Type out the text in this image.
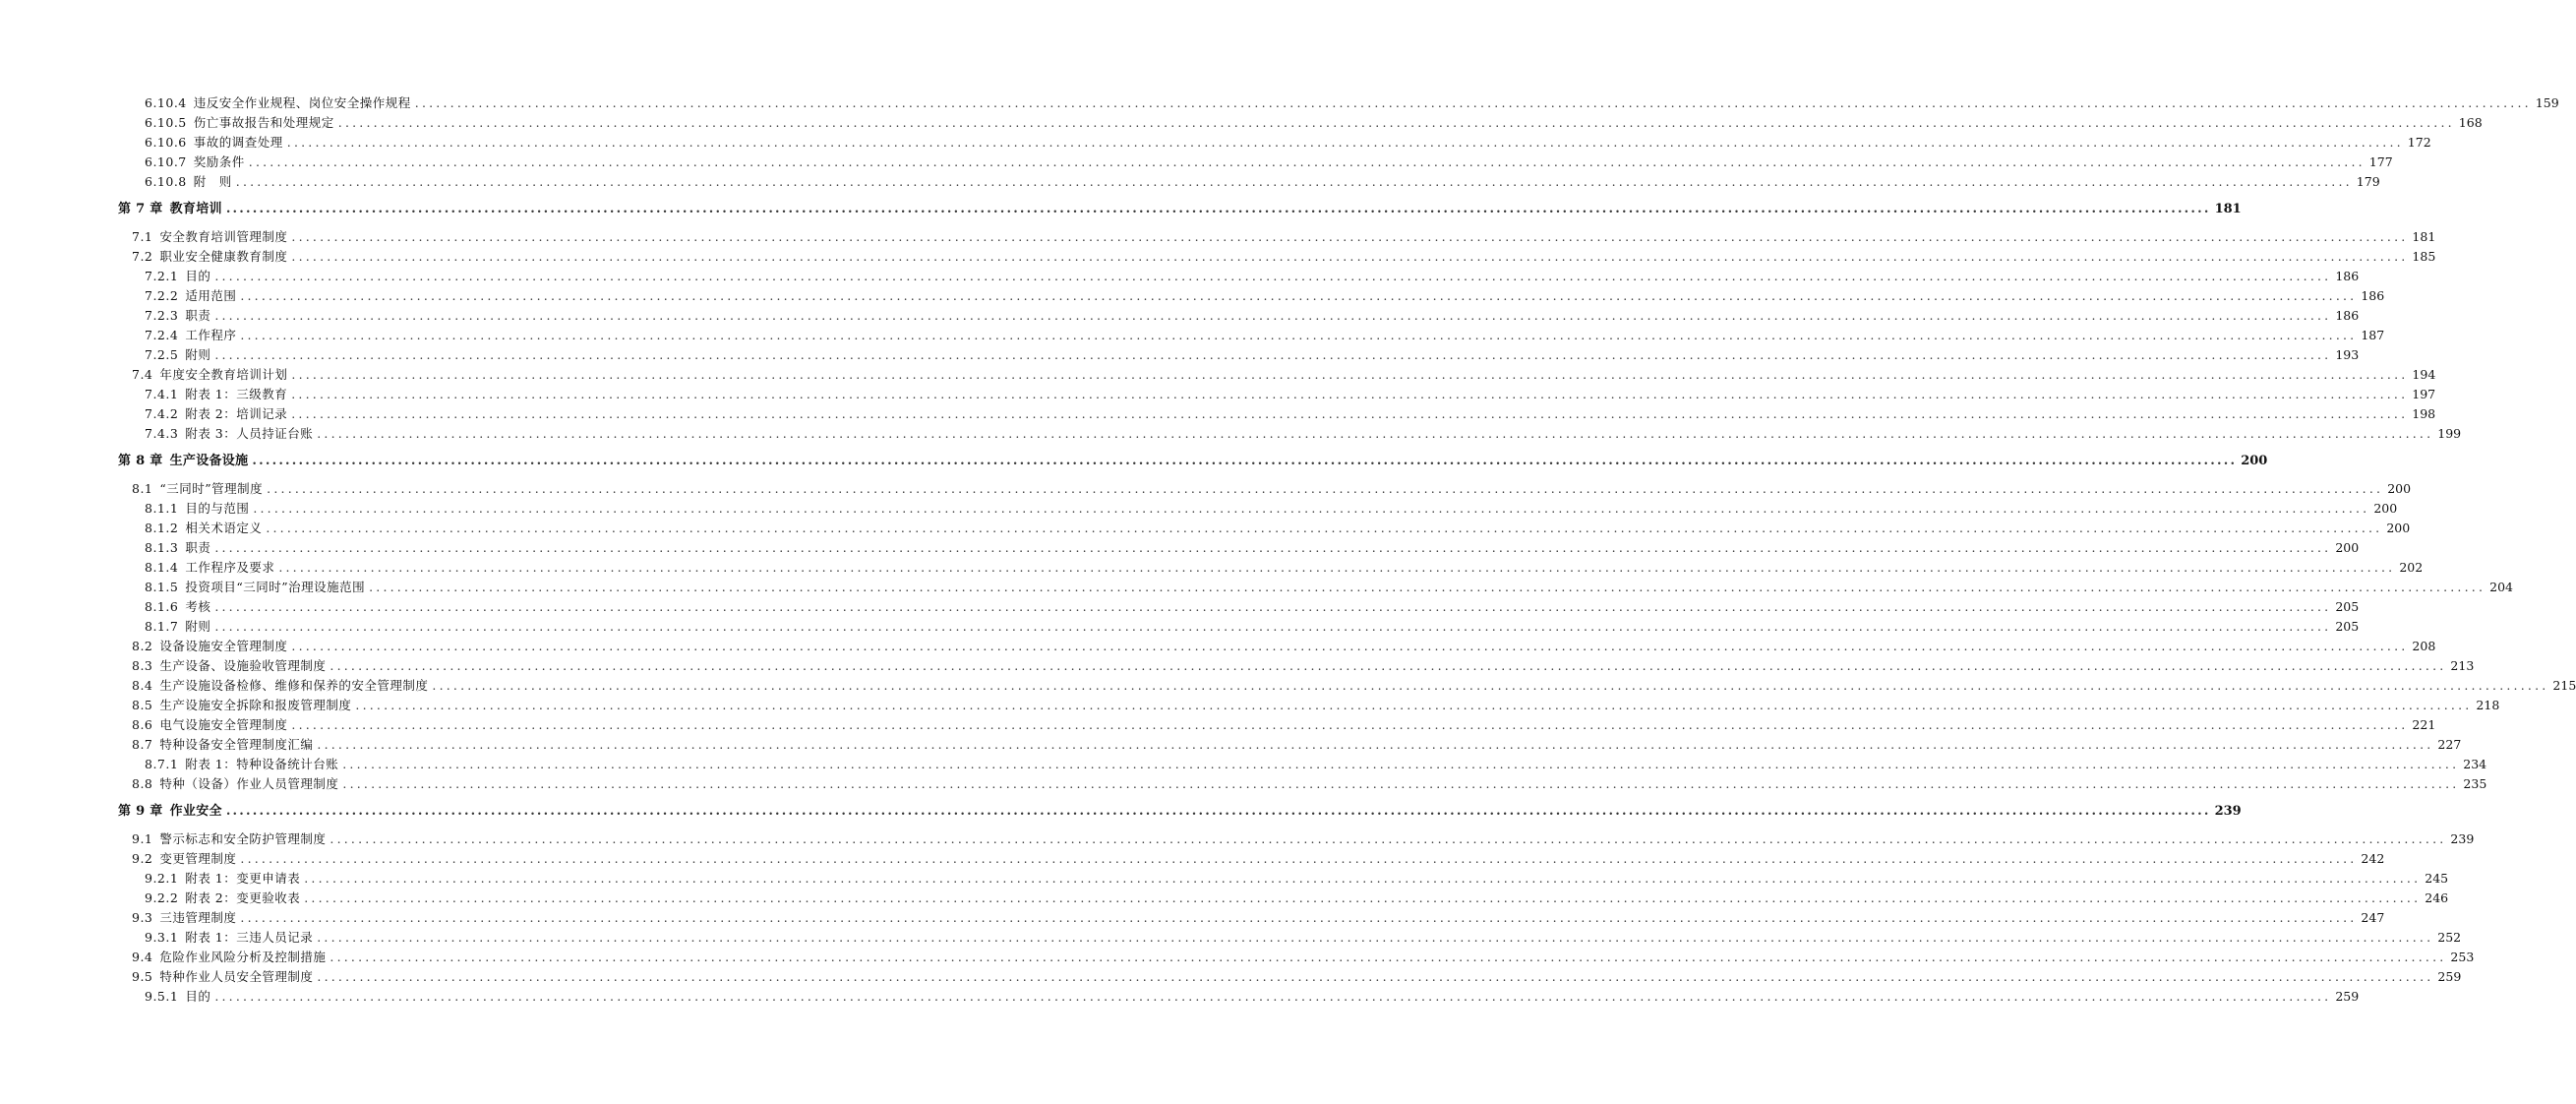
6.10.4 违反安全作业规程、岗位安全操作规程 ............................................................................................................................................................................................................................................................................................................ 159
6.10.5 伤亡事故报告和处理规定 ............................................................................................................................................................................................................................................................................................................ 168
6.10.6 事故的调查处理 ............................................................................................................................................................................................................................................................................................................ 172
6.10.7 奖励条件 ............................................................................................................................................................................................................................................................................................................ 177
6.10.8 附　则 ............................................................................................................................................................................................................................................................................................................ 179
第 7 章 教育培训 ............................................................................................................................................................................................................................................................................................................ 181
7.1 安全教育培训管理制度 ............................................................................................................................................................................................................................................................................................................ 181
7.2 职业安全健康教育制度 ............................................................................................................................................................................................................................................................................................................ 185
7.2.1 目的 ............................................................................................................................................................................................................................................................................................................ 186
7.2.2 适用范围 ............................................................................................................................................................................................................................................................................................................ 186
7.2.3 职责 ............................................................................................................................................................................................................................................................................................................ 186
7.2.4 工作程序 ............................................................................................................................................................................................................................................................................................................ 187
7.2.5 附则 ............................................................................................................................................................................................................................................................................................................ 193
7.4 年度安全教育培训计划 ............................................................................................................................................................................................................................................................................................................ 194
7.4.1 附表 1：三级教育 ............................................................................................................................................................................................................................................................................................................ 197
7.4.2 附表 2：培训记录 ............................................................................................................................................................................................................................................................................................................ 198
7.4.3 附表 3：人员持证台账 ............................................................................................................................................................................................................................................................................................................ 199
第 8 章 生产设备设施 ............................................................................................................................................................................................................................................................................................................ 200
8.1 “三同时”管理制度 ............................................................................................................................................................................................................................................................................................................ 200
8.1.1 目的与范围 ............................................................................................................................................................................................................................................................................................................ 200
8.1.2 相关术语定义 ............................................................................................................................................................................................................................................................................................................ 200
8.1.3 职责 ............................................................................................................................................................................................................................................................................................................ 200
8.1.4 工作程序及要求 ............................................................................................................................................................................................................................................................................................................ 202
8.1.5 投资项目“三同时”治理设施范围 ............................................................................................................................................................................................................................................................................................................ 204
8.1.6 考核 ............................................................................................................................................................................................................................................................................................................ 205
8.1.7 附则 ............................................................................................................................................................................................................................................................................................................ 205
8.2 设备设施安全管理制度 ............................................................................................................................................................................................................................................................................................................ 208
8.3 生产设备、设施验收管理制度 ............................................................................................................................................................................................................................................................................................................ 213
8.4 生产设施设备检修、维修和保养的安全管理制度 ............................................................................................................................................................................................................................................................................................................ 215
8.5 生产设施安全拆除和报废管理制度 ............................................................................................................................................................................................................................................................................................................ 218
8.6 电气设施安全管理制度 ............................................................................................................................................................................................................................................................................................................ 221
8.7 特种设备安全管理制度汇编 ............................................................................................................................................................................................................................................................................................................ 227
8.7.1 附表 1：特种设备统计台账 ............................................................................................................................................................................................................................................................................................................ 234
8.8 特种（设备）作业人员管理制度 ............................................................................................................................................................................................................................................................................................................ 235
第 9 章 作业安全 ............................................................................................................................................................................................................................................................................................................ 239
9.1 警示标志和安全防护管理制度 ............................................................................................................................................................................................................................................................................................................ 239
9.2 变更管理制度 ............................................................................................................................................................................................................................................................................................................ 242
9.2.1 附表 1：变更申请表 ............................................................................................................................................................................................................................................................................................................ 245
9.2.2 附表 2：变更验收表 ............................................................................................................................................................................................................................................................................................................ 246
9.3 三违管理制度 ............................................................................................................................................................................................................................................................................................................ 247
9.3.1 附表 1：三违人员记录 ............................................................................................................................................................................................................................................................................................................ 252
9.4 危险作业风险分析及控制措施 ............................................................................................................................................................................................................................................................................................................ 253
9.5 特种作业人员安全管理制度 ............................................................................................................................................................................................................................................................................................................ 259
9.5.1 目的 ............................................................................................................................................................................................................................................................................................................ 259
